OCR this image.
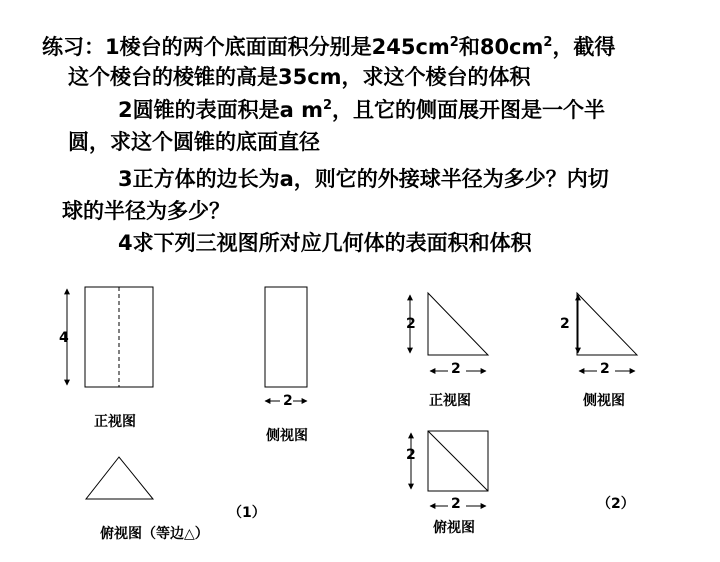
练习：1棱台的两个底面面积分别是$245cm^2$和$80cm^2$，截得
这个棱台的棱锥的高是35cm，求这个棱台的体积
2圆锥的表面积是a $m^2$，且它的侧面展开图是一个半
圆，求这个圆锥的底面直径
3正方体的边长为a，则它的外接球半径为多少？内切
球的半径为多少？
4求下列三视图所对应几何体的表面积和体积
4
2
正视图
侧视图
俯视图（等边△）
（1）
2
2
正视图
2
2
侧视图
2
2
俯视图
（2）
